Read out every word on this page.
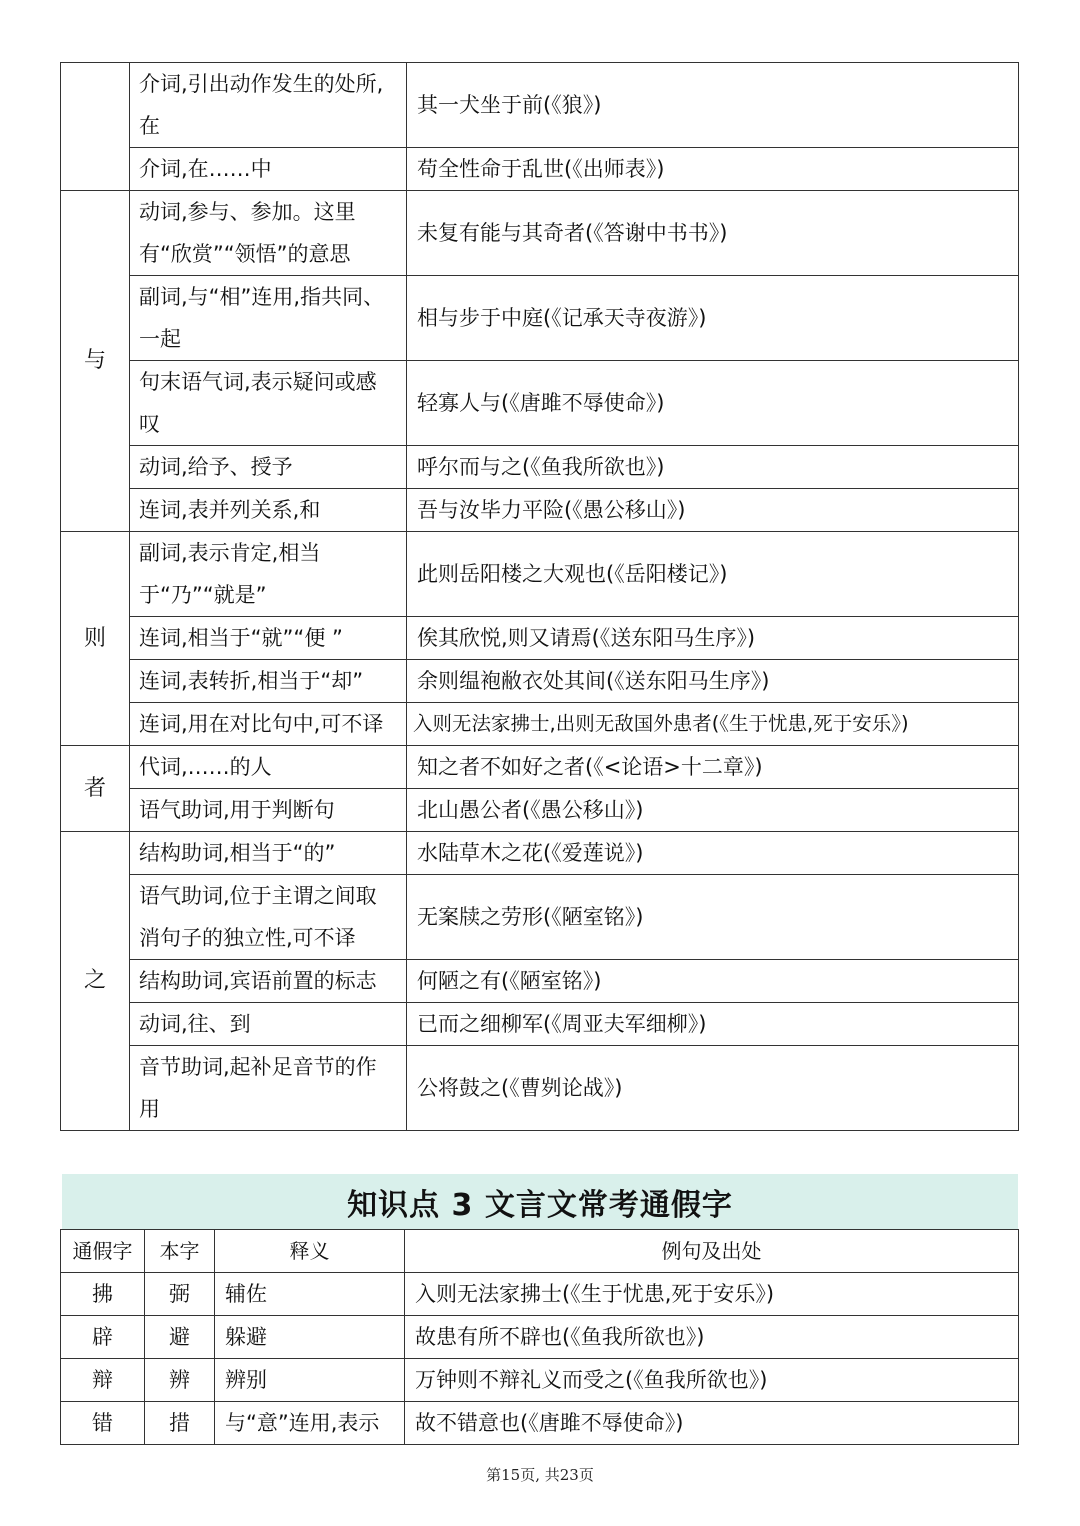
	介词,引出动作发生的处所,在	其一犬坐于前(《狼》)
	介词,在……中	苟全性命于乱世(《出师表》)
与	动词,参与、参加。这里有“欣赏”“领悟”的意思	未复有能与其奇者(《答谢中书书》)
	副词,与“相”连用,指共同、一起	相与步于中庭(《记承天寺夜游》)
	句末语气词,表示疑问或感叹	轻寡人与(《唐雎不辱使命》)
	动词,给予、授予	呼尔而与之(《鱼我所欲也》)
	连词,表并列关系,和	吾与汝毕力平险(《愚公移山》)
则	副词,表示肯定,相当于“乃”“就是”	此则岳阳楼之大观也(《岳阳楼记》)
	连词,相当于“就”“便 ”	俟其欣悦,则又请焉(《送东阳马生序》)
	连词,表转折,相当于“却”	余则缊袍敝衣处其间(《送东阳马生序》)
	连词,用在对比句中,可不译	入则无法家拂士,出则无敌国外患者(《生于忧患,死于安乐》)
者	代词,……的人	知之者不如好之者(《<论语>十二章》)
	语气助词,用于判断句	北山愚公者(《愚公移山》)
之	结构助词,相当于“的”	水陆草木之花(《爱莲说》)
	语气助词,位于主谓之间取消句子的独立性,可不译	无案牍之劳形(《陋室铭》)
	结构助词,宾语前置的标志	何陋之有(《陋室铭》)
	动词,往、到	已而之细柳军(《周亚夫军细柳》)
	音节助词,起补足音节的作用	公将鼓之(《曹刿论战》)
知识点 3 文言文常考通假字
通假字	本字	释义	例句及出处
拂	弼	辅佐	入则无法家拂士(《生于忧患,死于安乐》)
辟	避	躲避	故患有所不辟也(《鱼我所欲也》)
辩	辨	辨别	万钟则不辩礼义而受之(《鱼我所欲也》)
错	措	与“意”连用,表示	故不错意也(《唐雎不辱使命》)
第15页, 共23页
